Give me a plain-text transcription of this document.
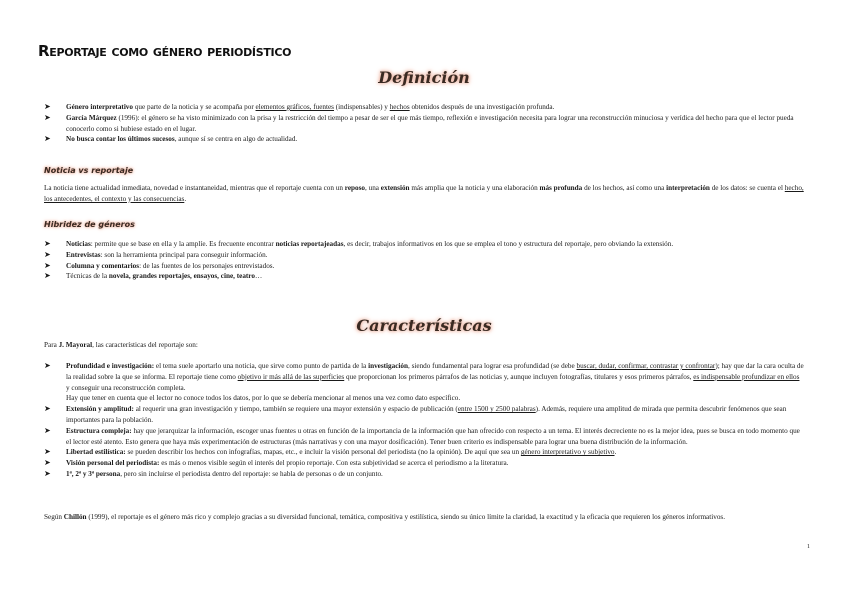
Reportaje como género periodístico
Definición
➤ Género interpretativo que parte de la noticia y se acompaña por elementos gráficos, fuentes (indispensables) y hechos obtenidos después de una investigación profunda.
➤ García Márquez (1996): el género se ha visto minimizado con la prisa y la restricción del tiempo a pesar de ser el que más tiempo, reflexión e investigación necesita para lograr una reconstrucción minuciosa y verídica del hecho para que el lector pueda conocerlo como si hubiese estado en el lugar.
➤ No busca contar los últimos sucesos, aunque sí se centra en algo de actualidad.
Noticia vs reportaje

La noticia tiene actualidad inmediata, novedad e instantaneidad, mientras que el reportaje cuenta con un reposo, una extensión más amplia que la noticia y una elaboración más profunda de los hechos, así como una interpretación de los datos: se cuenta el hecho, los antecedentes, el contexto y las consecuencias.

Hibridez de géneros
➤ Noticias: permite que se base en ella y la amplíe. Es frecuente encontrar noticias reportajeadas, es decir, trabajos informativos en los que se emplea el tono y estructura del reportaje, pero obviando la extensión.
➤ Entrevistas: son la herramienta principal para conseguir información.
➤ Columna y comentarios: de las fuentes de los personajes entrevistados.
➤ Técnicas de la novela, grandes reportajes, ensayos, cine, teatro…
Características

Para J. Mayoral, las características del reportaje son:

➤ Profundidad e investigación: el tema suele aportarlo una noticia, que sirve como punto de partida de la investigación, siendo fundamental para lograr esa profundidad (se debe buscar, dudar, confirmar, contrastar y confrontar); hay que dar la cara oculta de la realidad sobre la que se informa. El reportaje tiene como objetivo ir más allá de las superficies que proporcionan los primeros párrafos de las noticias y, aunque incluyen fotografías, titulares y esos primeros párrafos, es indispensable profundizar en ellos y conseguir una reconstrucción completa.
Hay que tener en cuenta que el lector no conoce todos los datos, por lo que se debería mencionar al menos una vez como dato específico.
➤ Extensión y amplitud: al requerir una gran investigación y tiempo, también se requiere una mayor extensión y espacio de publicación (entre 1500 y 2500 palabras). Además, requiere una amplitud de mirada que permita descubrir fenómenos que sean importantes para la población.
➤ Estructura compleja: hay que jerarquizar la información, escoger unas fuentes u otras en función de la importancia de la información que han ofrecido con respecto a un tema. El interés decreciente no es la mejor idea, pues se busca en todo momento que el lector esté atento. Esto genera que haya más experimentación de estructuras (más narrativas y con una mayor dosificación). Tener buen criterio es indispensable para lograr una buena distribución de la información.
➤ Libertad estilística: se pueden describir los hechos con infografías, mapas, etc., e incluir la visión personal del periodista (no la opinión). De aquí que sea un género interpretativo y subjetivo.
➤ Visión personal del periodista: es más o menos visible según el interés del propio reportaje. Con esta subjetividad se acerca el periodismo a la literatura.
➤ 1ª, 2ª y 3ª persona, pero sin incluirse el periodista dentro del reportaje: se habla de personas o de un conjunto.

Según Chillón (1999), el reportaje es el género más rico y complejo gracias a su diversidad funcional, temática, compositiva y estilística, siendo su único límite la claridad, la exactitud y la eficacia que requieren los géneros informativos.

1
